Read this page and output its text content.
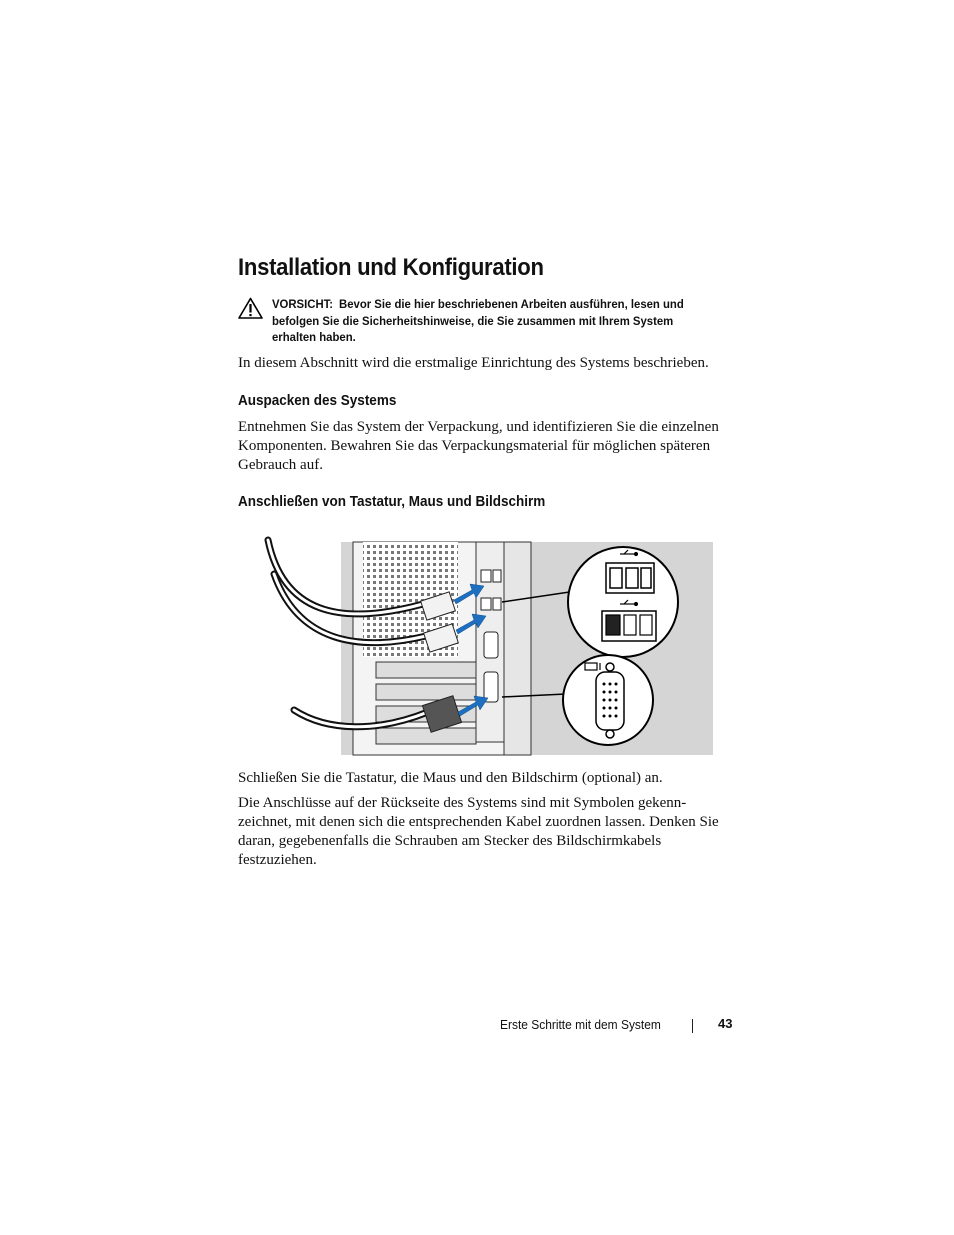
Installation und Konfiguration
VORSICHT: Bevor Sie die hier beschriebenen Arbeiten ausführen, lesen und befolgen Sie die Sicherheitshinweise, die Sie zusammen mit Ihrem System erhalten haben.

In diesem Abschnitt wird die erstmalige Einrichtung des Systems beschrieben.

Auspacken des Systems

Entnehmen Sie das System der Verpackung, und identifizieren Sie die einzelnen Komponenten. Bewahren Sie das Verpackungsmaterial für möglichen späteren Gebrauch auf.

Anschließen von Tastatur, Maus und Bildschirm

Schließen Sie die Tastatur, die Maus und den Bildschirm (optional) an.

Die Anschlüsse auf der Rückseite des Systems sind mit Symbolen gekenn-zeichnet, mit denen sich die entsprechenden Kabel zuordnen lassen. Denken Sie daran, gegebenenfalls die Schrauben am Stecker des Bildschirmkabels festzuziehen.

Erste Schritte mit dem System	43
